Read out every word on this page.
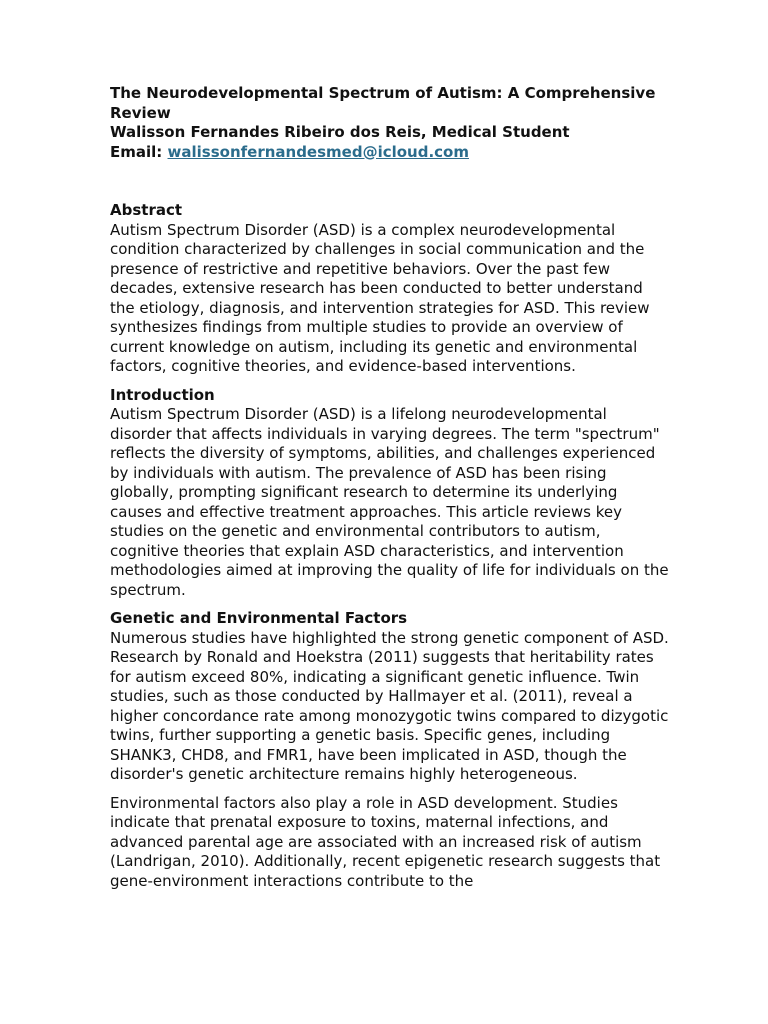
The Neurodevelopmental Spectrum of Autism: A Comprehensive Review
Walisson Fernandes Ribeiro dos Reis, Medical Student
Email: walissonfernandesmed@icloud.com
Abstract

Autism Spectrum Disorder (ASD) is a complex neurodevelopmental condition characterized by challenges in social communication and the presence of restrictive and repetitive behaviors. Over the past few decades, extensive research has been conducted to better understand the etiology, diagnosis, and intervention strategies for ASD. This review synthesizes findings from multiple studies to provide an overview of current knowledge on autism, including its genetic and environmental factors, cognitive theories, and evidence-based interventions.

Introduction

Autism Spectrum Disorder (ASD) is a lifelong neurodevelopmental disorder that affects individuals in varying degrees. The term "spectrum" reflects the diversity of symptoms, abilities, and challenges experienced by individuals with autism. The prevalence of ASD has been rising globally, prompting significant research to determine its underlying causes and effective treatment approaches. This article reviews key studies on the genetic and environmental contributors to autism, cognitive theories that explain ASD characteristics, and intervention methodologies aimed at improving the quality of life for individuals on the spectrum.

Genetic and Environmental Factors

Numerous studies have highlighted the strong genetic component of ASD. Research by Ronald and Hoekstra (2011) suggests that heritability rates for autism exceed 80%, indicating a significant genetic influence. Twin studies, such as those conducted by Hallmayer et al. (2011), reveal a higher concordance rate among monozygotic twins compared to dizygotic twins, further supporting a genetic basis. Specific genes, including SHANK3, CHD8, and FMR1, have been implicated in ASD, though the disorder's genetic architecture remains highly heterogeneous.

Environmental factors also play a role in ASD development. Studies indicate that prenatal exposure to toxins, maternal infections, and advanced parental age are associated with an increased risk of autism (Landrigan, 2010). Additionally, recent epigenetic research suggests that gene-environment interactions contribute to the
